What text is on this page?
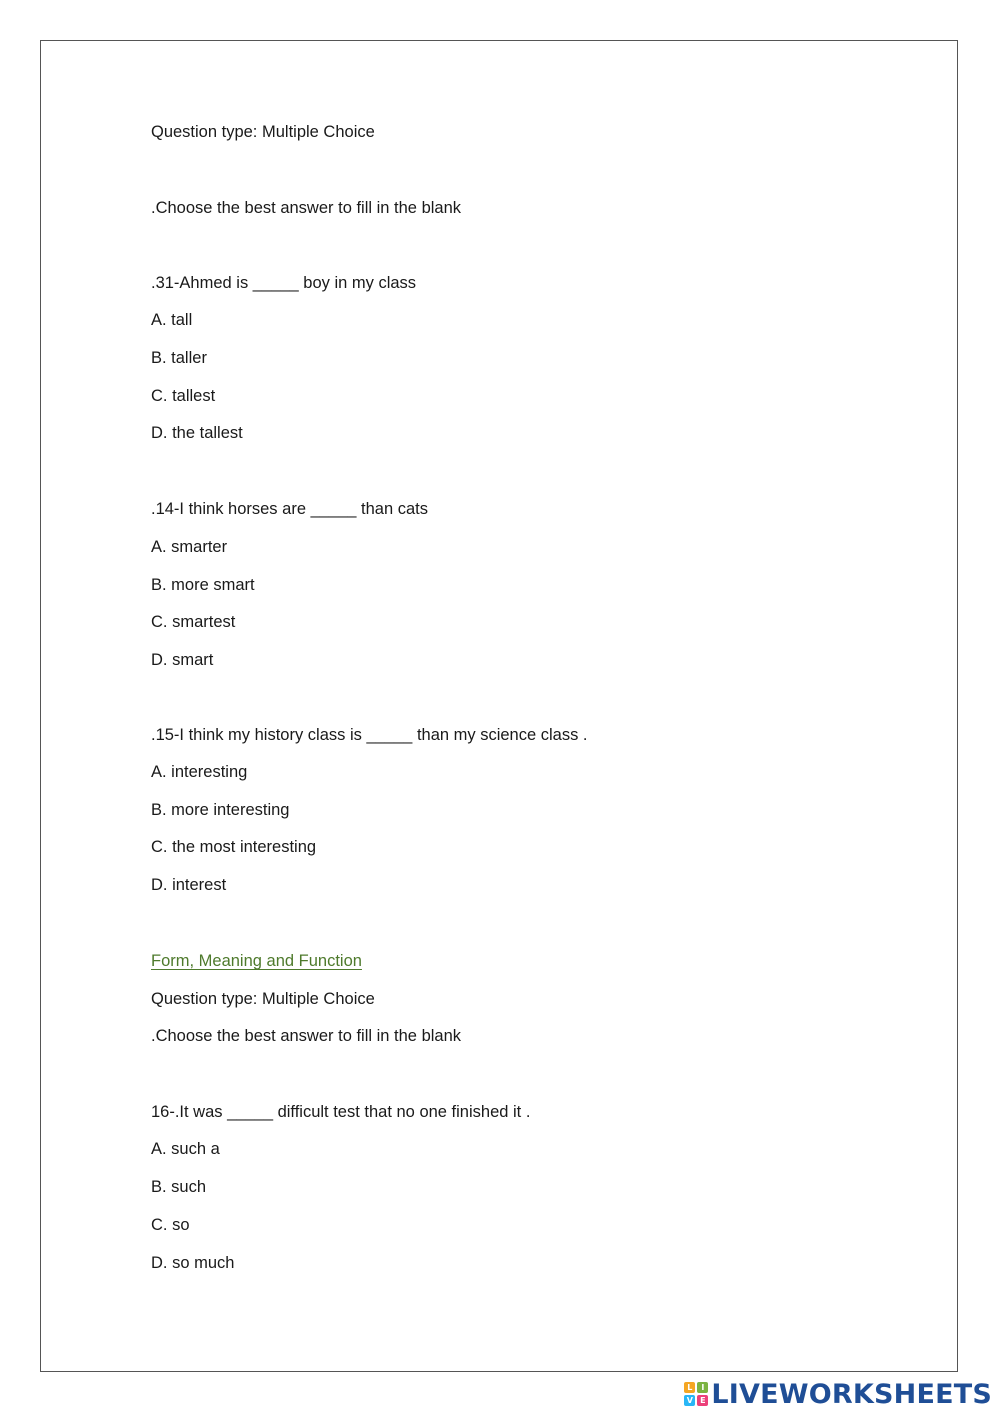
Question type: Multiple Choice
.Choose the best answer to fill in the blank
.31-Ahmed is _____ boy in my class
A. tall
B. taller
C. tallest
D. the tallest
.14-I think horses are _____ than cats
A. smarter
B. more smart
C. smartest
D. smart
.15-I think my history class is _____ than my science class .
A. interesting
B. more interesting
C. the most interesting
D. interest
Form, Meaning and Function
Question type: Multiple Choice
.Choose the best answer to fill in the blank
16-.It was _____ difficult test that no one finished it .
A. such a
B. such
C. so
D. so much
L	I
V E LIVEWORKSHEETS
